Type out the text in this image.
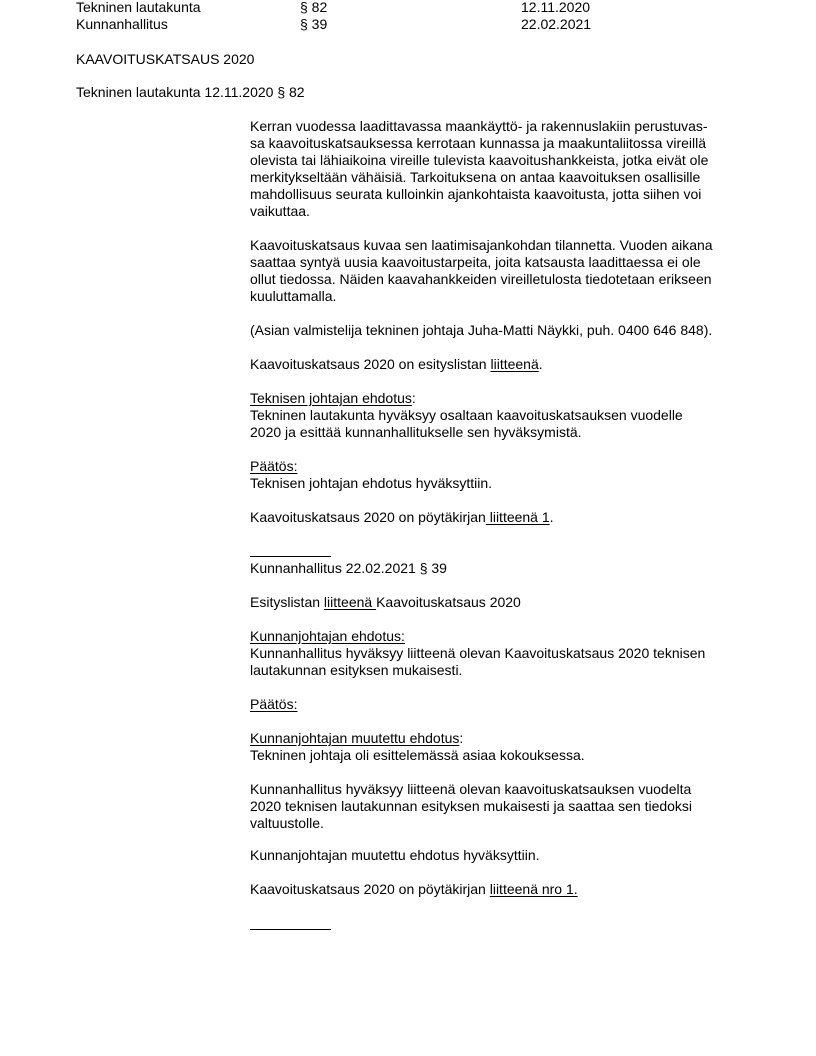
Tekninen lautakunta	§ 82	12.11.2020
Kunnanhallitus	§ 39	22.02.2021
KAAVOITUSKATSAUS 2020
Tekninen lautakunta 12.11.2020 § 82
Kerran vuodessa laadittavassa maankäyttö- ja rakennuslakiin perustuvas-
sa kaavoituskatsauksessa kerrotaan kunnassa ja maakuntaliitossa vireillä
olevista tai lähiaikoina vireille tulevista kaavoitushankkeista, jotka eivät ole
merkitykseltään vähäisiä. Tarkoituksena on antaa kaavoituksen osallisille
mahdollisuus seurata kulloinkin ajankohtaista kaavoitusta, jotta siihen voi
vaikuttaa.
Kaavoituskatsaus kuvaa sen laatimisajankohdan tilannetta. Vuoden aikana
saattaa syntyä uusia kaavoitustarpeita, joita katsausta laadittaessa ei ole
ollut tiedossa. Näiden kaavahankkeiden vireilletulosta tiedotetaan erikseen
kuuluttamalla.
(Asian valmistelija tekninen johtaja Juha-Matti Näykki, puh. 0400 646 848).
Kaavoituskatsaus 2020 on esityslistan liitteenä.
Teknisen johtajan ehdotus:
Tekninen lautakunta hyväksyy osaltaan kaavoituskatsauksen vuodelle
2020 ja esittää kunnanhallitukselle sen hyväksymistä.
Päätös:
Teknisen johtajan ehdotus hyväksyttiin.
Kaavoituskatsaus 2020 on pöytäkirjan liitteenä 1.
Kunnanhallitus 22.02.2021 § 39
Esityslistan liitteenä Kaavoituskatsaus 2020
Kunnanjohtajan ehdotus:
Kunnanhallitus hyväksyy liitteenä olevan Kaavoituskatsaus 2020 teknisen
lautakunnan esityksen mukaisesti.
Päätös:
Kunnanjohtajan muutettu ehdotus:
Tekninen johtaja oli esittelemässä asiaa kokouksessa.
Kunnanhallitus hyväksyy liitteenä olevan kaavoituskatsauksen vuodelta
2020 teknisen lautakunnan esityksen mukaisesti ja saattaa sen tiedoksi
valtuustolle.
Kunnanjohtajan muutettu ehdotus hyväksyttiin.
Kaavoituskatsaus 2020 on pöytäkirjan liitteenä nro 1.
